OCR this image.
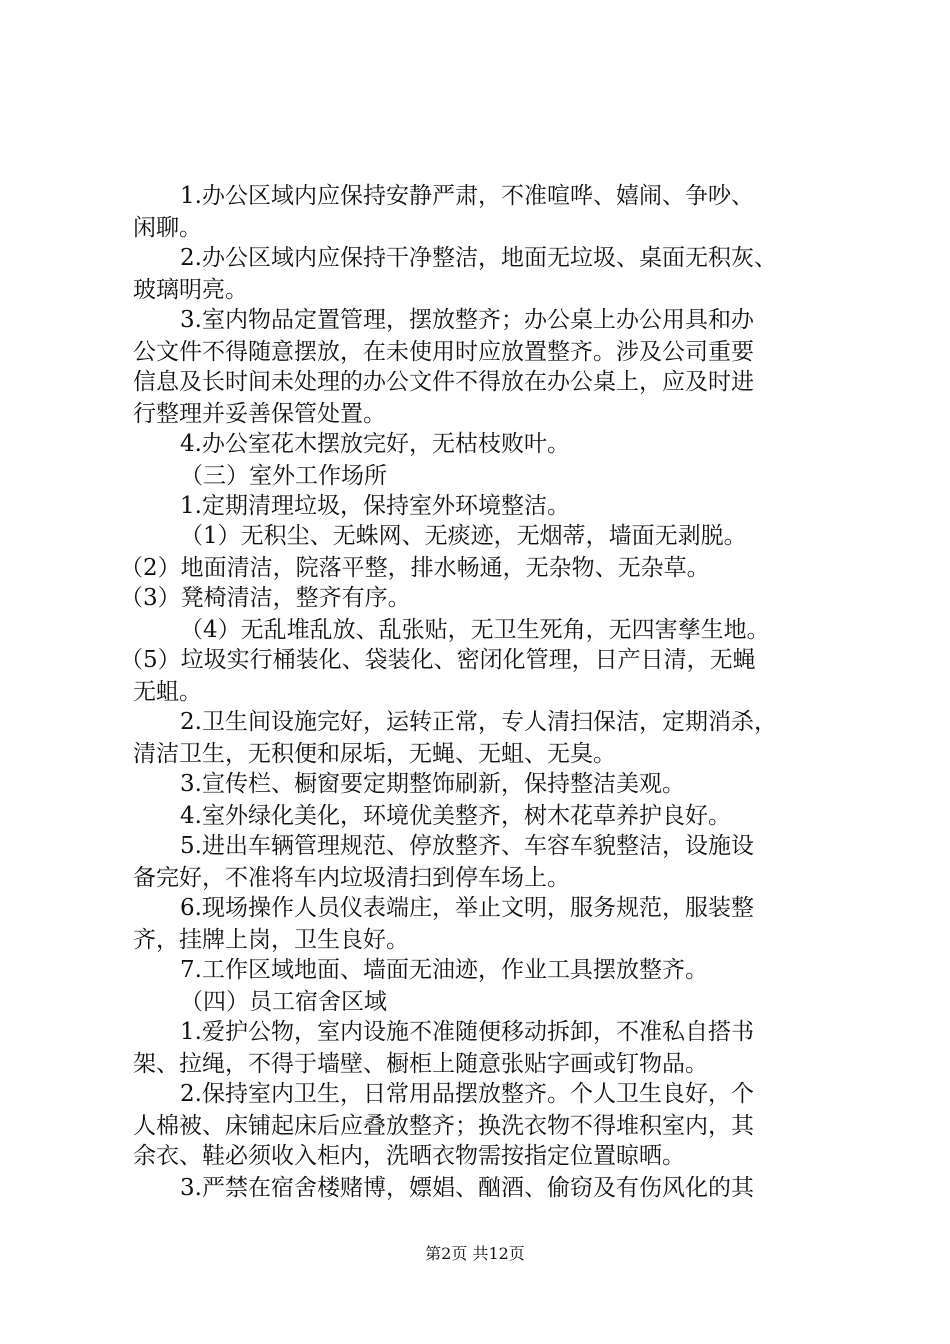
1.办公区域内应保持安静严肃，不准喧哗、嬉闹、争吵、
闲聊。
2.办公区域内应保持干净整洁，地面无垃圾、桌面无积灰、
玻璃明亮。
3.室内物品定置管理，摆放整齐；办公桌上办公用具和办
公文件不得随意摆放，在未使用时应放置整齐。涉及公司重要
信息及长时间未处理的办公文件不得放在办公桌上，应及时进
行整理并妥善保管处置。
4.办公室花木摆放完好，无枯枝败叶。
（三）室外工作场所
1.定期清理垃圾，保持室外环境整洁。
（1）无积尘、无蛛网、无痰迹，无烟蒂，墙面无剥脱。
（2）地面清洁，院落平整，排水畅通，无杂物、无杂草。
（3）凳椅清洁，整齐有序。
（4）无乱堆乱放、乱张贴，无卫生死角，无四害孳生地。
（5）垃圾实行桶装化、袋装化、密闭化管理，日产日清，无蝇
无蛆。
2.卫生间设施完好，运转正常，专人清扫保洁，定期消杀，
清洁卫生，无积便和尿垢，无蝇、无蛆、无臭。
3.宣传栏、橱窗要定期整饰刷新，保持整洁美观。
4.室外绿化美化，环境优美整齐，树木花草养护良好。
5.进出车辆管理规范、停放整齐、车容车貌整洁，设施设
备完好，不准将车内垃圾清扫到停车场上。
6.现场操作人员仪表端庄，举止文明，服务规范，服装整
齐，挂牌上岗，卫生良好。
7.工作区域地面、墙面无油迹，作业工具摆放整齐。
（四）员工宿舍区域
1.爱护公物，室内设施不准随便移动拆卸，不准私自搭书
架、拉绳，不得于墙壁、橱柜上随意张贴字画或钉物品。
2.保持室内卫生，日常用品摆放整齐。个人卫生良好，个
人棉被、床铺起床后应叠放整齐；换洗衣物不得堆积室内，其
余衣、鞋必须收入柜内，洗晒衣物需按指定位置晾晒。
3.严禁在宿舍楼赌博，嫖娼、酗酒、偷窃及有伤风化的其
第2页 共12页
